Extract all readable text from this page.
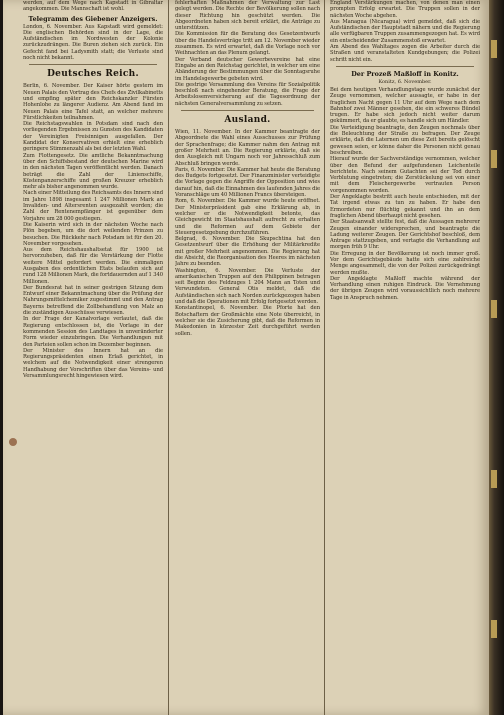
werden, auf dem Wege nach Kapstadt in Gibraltar angekommen. Die Mannschaft ist wohl.

Telegramm des Giebener Anzeigers.

London, 6. November. Aus Kapstadt wird gemeldet: Die englischen Behörden sind in der Lage, die Aufständischen im Nordwesten der Kolonie zurückzudrängen. Die Buren ziehen sich zurück. Ein Gefecht fand bei Ladysmith statt; die Verluste sind noch nicht bekannt.

Deutsches Reich.

Berlin, 6. November. Der Kaiser hörte gestern im Neuen Palais den Vortrag des Chefs des Zivilkabinetts und empfing später den Reichskanzler Fürsten Hohenlohe zu längerer Audienz. Am Abend fand im Neuen Palais eine Tafel statt, an welcher mehrere Fürstlichkeiten teilnahmen.

Die Reichstagswahlen in Potsdam sind nach den vorliegenden Ergebnissen zu Gunsten des Kandidaten der Vereinigten Freisinnigen ausgefallen. Der Kandidat der Konservativen erhielt eine erheblich geringere Stimmenzahl als bei der letzten Wahl.

Zum Flottengesetz. Die amtliche Bekanntmachung über den Schiffsbestand der deutschen Marine wird in den nächsten Tagen veröffentlicht werden. Danach beträgt die Zahl der Linienschiffe, Küstenpanzerschiffe und großen Kreuzer erheblich mehr als bisher angenommen wurde.

Nach einer Mitteilung des Reichsamts des Innern sind im Jahre 1898 insgesamt 1 247 Millionen Mark an Invaliden- und Altersrenten ausgezahlt worden; die Zahl der Rentenempfänger ist gegenüber dem Vorjahre um 28 000 gestiegen.

Die Kaiserin wird sich in der nächsten Woche nach Plön begeben, um die dort weilenden Prinzen zu besuchen. Die Rückkehr nach Potsdam ist für den 20. November vorgesehen.

Aus dem Reichshaushaltsetat für 1900 ist hervorzuheben, daß für die Verstärkung der Flotte weitere Mittel gefordert werden. Die einmaligen Ausgaben des ordentlichen Etats belaufen sich auf rund 128 Millionen Mark, die fortdauernden auf 1 340 Millionen.

Der Bundesrat hat in seiner gestrigen Sitzung dem Entwurf einer Bekanntmachung über die Prüfung der Nahrungsmittelchemiker zugestimmt und den Antrag Bayerns betreffend die Zollbehandlung von Malz an die zuständigen Ausschüsse verwiesen.

In der Frage der Kanalvorlage verlautet, daß die Regierung entschlossen ist, die Vorlage in der kommenden Session des Landtages in unveränderter Form wieder einzubringen. Die Verhandlungen mit den Parteien sollen schon im Dezember beginnen.

Der Minister des Innern hat an die Regierungspräsidenten einen Erlaß gerichtet, in welchem auf die Notwendigkeit einer strengeren Handhabung der Vorschriften über das Vereins- und Versammlungsrecht hingewiesen wird.

fehlerhaften Maßnahmen der Verwaltung zur Last gelegt werden. Die Rechte der Bevölkerung sollen nach dieser Richtung hin geschützt werden. Die Abgeordneten haben sich bereit erklärt, die Anträge zu unterstützen.

Die Kommission für die Beratung des Gesetzentwurfs über die Handelsverträge tritt am 12. November wieder zusammen. Es wird erwartet, daß die Vorlage noch vor Weihnachten an das Plenum gelangt.

Der Verband deutscher Gewerbevereine hat eine Eingabe an den Reichstag gerichtet, in welcher um eine Abänderung der Bestimmungen über die Sonntagsruhe im Handelsgewerbe gebeten wird.

Die gestrige Versammlung des Vereins für Sozialpolitik beschloß nach eingehender Beratung, die Frage der Arbeitslosenversicherung auf die Tagesordnung der nächsten Generalversammlung zu setzen.

Ausland.

Wien, 11. November. In der Kammer beantragte der Abgeordnete die Wahl eines Ausschusses zur Prüfung der Sprachenfrage; die Kammer nahm den Antrag mit großer Mehrheit an. Die Regierung erklärte, daß sie den Ausgleich mit Ungarn noch vor Jahresschluß zum Abschluß bringen werde.

Paris, 6. November. Die Kammer hat heute die Beratung des Budgets fortgesetzt. Der Finanzminister verteidigte die Vorlage gegen die Angriffe der Opposition und wies darauf hin, daß die Einnahmen des laufenden Jahres die Voranschläge um 40 Millionen Francs übersteigen.

Rom, 6. November. Die Kammer wurde heute eröffnet. Der Ministerpräsident gab eine Erklärung ab, in welcher er die Notwendigkeit betonte, das Gleichgewicht im Staatshaushalt aufrecht zu erhalten und die Reformen auf dem Gebiete der Steuergesetzgebung durchzuführen.

Belgrad, 6. November. Die Skupschtina hat den Gesetzentwurf über die Erhöhung der Militärkredite mit großer Mehrheit angenommen. Die Regierung hat die Absicht, die Reorganisation des Heeres im nächsten Jahre zu beenden.

Washington, 6. November. Die Verluste der amerikanischen Truppen auf den Philippinen betragen seit Beginn des Feldzuges 1 204 Mann an Toten und Verwundeten. General Otis meldet, daß die Aufständischen sich nach Norden zurückgezogen haben und daß die Operationen mit Erfolg fortgesetzt werden.

Konstantinopel, 6. November. Die Pforte hat den Botschaftern der Großmächte eine Note überreicht, in welcher sie die Zusicherung gibt, daß die Reformen in Makedonien in kürzester Zeit durchgeführt werden sollen.

England Verstärkungen machen, von denen man einen prompten Erfolg erwartet. Die Truppen sollen in der nächsten Woche abgehen.

Aus Managua (Nicaragua) wird gemeldet, daß sich die Aufständischen der Hauptstadt nähern und die Regierung alle verfügbaren Truppen zusammengezogen hat. Es wird ein entscheidender Zusammenstoß erwartet.

Am Abend des Wahltages zogen die Arbeiter durch die Straßen und veranstalteten Kundgebungen; die Polizei schritt nicht ein.

Der Prozeß Maßloff in Konitz.
Konitz, 6. November.

Bei dem heutigen Verhandlungstage wurde zunächst der Zeuge vernommen, welcher aussagte, er habe in der fraglichen Nacht gegen 11 Uhr auf dem Wege nach dem Bahnhof zwei Männer gesehen, die ein schweres Bündel trugen. Er habe sich jedoch nicht weiter darum gekümmert, da er glaubte, es handle sich um Händler.

Die Verteidigung beantragte, den Zeugen nochmals über die Beleuchtung der Straße zu befragen. Der Zeuge erklärte, daß die Laternen um diese Zeit bereits gelöscht gewesen seien, er könne daher die Personen nicht genau beschreiben.

Hierauf wurde der Sachverständige vernommen, welcher über den Befund der aufgefundenen Leichenteile berichtete. Nach seinem Gutachten sei der Tod durch Verblutung eingetreten; die Zerstückelung sei von einer mit dem Fleischergewerbe vertrauten Person vorgenommen worden.

Der Angeklagte bestritt auch heute entschieden, mit der Tat irgend etwas zu tun zu haben. Er habe den Ermordeten nur flüchtig gekannt und ihn an dem fraglichen Abend überhaupt nicht gesehen.

Der Staatsanwalt stellte fest, daß die Aussagen mehrerer Zeugen einander widersprechen, und beantragte die Ladung weiterer Zeugen. Der Gerichtshof beschloß, dem Antrage stattzugeben, und vertagte die Verhandlung auf morgen früh 9 Uhr.

Die Erregung in der Bevölkerung ist noch immer groß. Vor dem Gerichtsgebäude hatte sich eine zahlreiche Menge angesammelt, die von der Polizei zurückgedrängt werden mußte.

Der Angeklagte Maßloff machte während der Verhandlung einen ruhigen Eindruck. Die Vernehmung der übrigen Zeugen wird voraussichtlich noch mehrere Tage in Anspruch nehmen.
